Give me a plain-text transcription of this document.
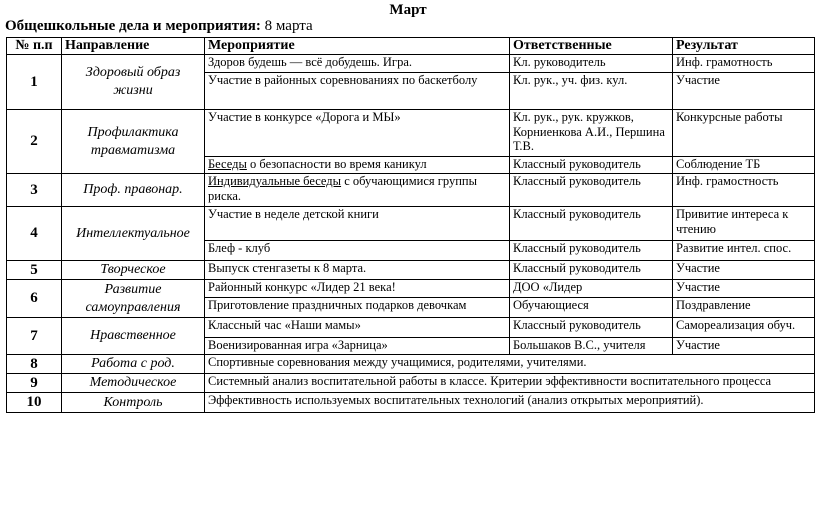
Март
Общешкольные дела и мероприятия: 8 марта
№ п.п	Направление	Мероприятие	Ответственные	Результат
1	Здоровый образ жизни	Здоров будешь — всё добудешь. Игра.	Кл. руководитель	Инф. грамотность
		Участие в районных соревнованиях по баскетболу	Кл. рук., уч. физ. кул.	Участие
2	Профилактика травматизма	Участие в конкурсе «Дорога и МЫ»	Кл. рук., рук. кружков, Корниенкова А.И., Першина Т.В.	Конкурсные работы
		Беседы о безопасности во время каникул	Классный руководитель	Соблюдение ТБ
3	Проф. правонар.	Индивидуальные беседы с обучающимися группы риска.	Классный руководитель	Инф. грамостность
4	Интеллектуальное	Участие в неделе детской книги	Классный руководитель	Привитие интереса к чтению
		Блеф - клуб	Классный руководитель	Развитие интел. спос.
5	Творческое	Выпуск стенгазеты к 8 марта.	Классный руководитель	Участие
6	Развитие самоуправления	Районный конкурс «Лидер 21 века!	ДОО «Лидер	Участие
		Приготовление праздничных подарков девочкам	Обучающиеся	Поздравление
7	Нравственное	Классный час «Наши мамы»	Классный руководитель	Самореализация обуч.
		Военизированная игра «Зарница»	Большаков В.С., учителя	Участие
8	Работа с род.	Спортивные соревнования между учащимися, родителями, учителями.		
9	Методическое	Системный анализ воспитательной работы в классе. Критерии эффективности воспитательного процесса		
10	Контроль	Эффективность используемых воспитательных технологий (анализ открытых мероприятий).		
